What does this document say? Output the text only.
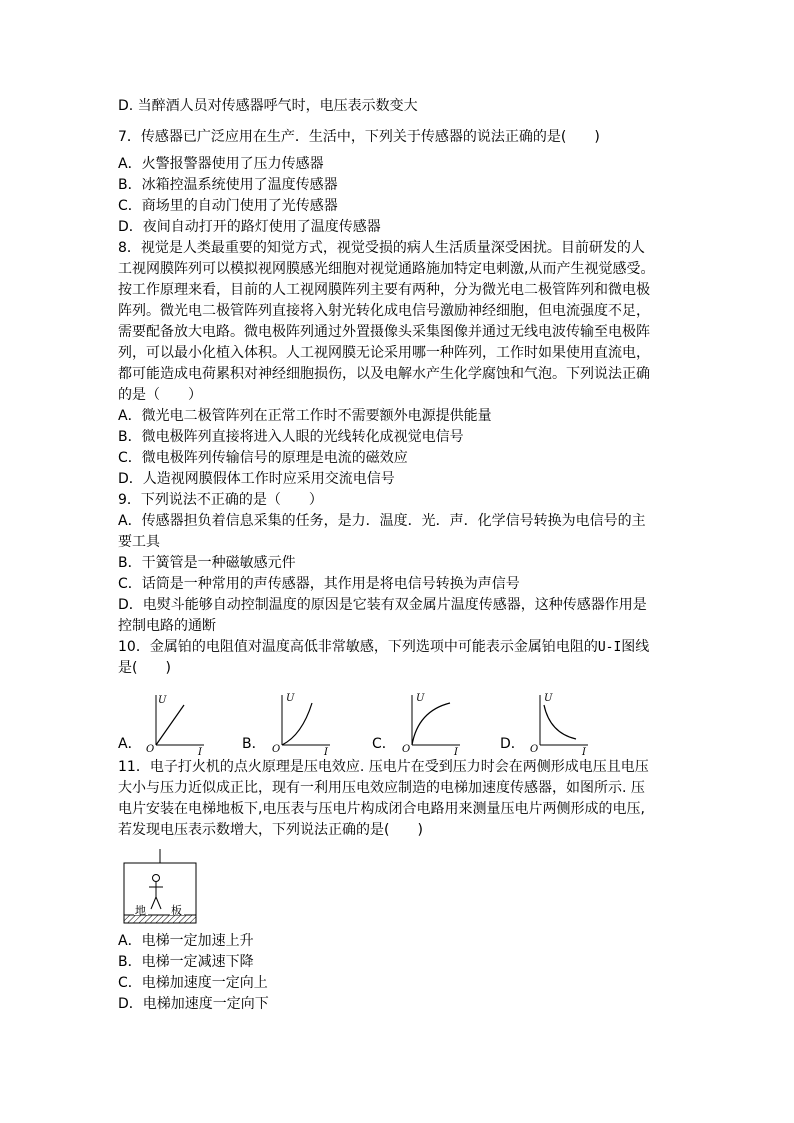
D. 当醉酒人员对传感器呼气时，电压表示数变大
7．传感器已广泛应用在生产．生活中，下列关于传感器的说法正确的是(　　)
A．火警报警器使用了压力传感器
B．冰箱控温系统使用了温度传感器
C．商场里的自动门使用了光传感器
D．夜间自动打开的路灯使用了温度传感器
8．视觉是人类最重要的知觉方式，视觉受损的病人生活质量深受困扰。目前研发的人
工视网膜阵列可以模拟视网膜感光细胞对视觉通路施加特定电刺激,从而产生视觉感受。
按工作原理来看，目前的人工视网膜阵列主要有两种，分为微光电二极管阵列和微电极
阵列。微光电二极管阵列直接将入射光转化成电信号激励神经细胞，但电流强度不足，
需要配备放大电路。微电极阵列通过外置摄像头采集图像并通过无线电波传输至电极阵
列，可以最小化植入体积。人工视网膜无论采用哪一种阵列，工作时如果使用直流电，
都可能造成电荷累积对神经细胞损伤，以及电解水产生化学腐蚀和气泡。下列说法正确
的是（　　）
A．微光电二极管阵列在正常工作时不需要额外电源提供能量
B．微电极阵列直接将进入人眼的光线转化成视觉电信号
C．微电极阵列传输信号的原理是电流的磁效应
D．人造视网膜假体工作时应采用交流电信号
9．下列说法不正确的是（　　）
A．传感器担负着信息采集的任务，是力．温度．光．声．化学信号转换为电信号的主
要工具
B．干簧管是一种磁敏感元件
C．话筒是一种常用的声传感器，其作用是将电信号转换为声信号
D．电熨斗能够自动控制温度的原因是它装有双金属片温度传感器，这种传感器作用是
控制电路的通断
10．金属铂的电阻值对温度高低非常敏感，下列选项中可能表示金属铂电阻的U-I图线
是(　　)
A．
U
I
O	B．
U
I
O	C．
U
I
O	D．
U
I
O
11．电子打火机的点火原理是压电效应. 压电片在受到压力时会在两侧形成电压且电压
大小与压力近似成正比，现有一利用压电效应制造的电梯加速度传感器，如图所示. 压
电片安装在电梯地板下,电压表与压电片构成闭合电路用来测量压电片两侧形成的电压,
若发现电压表示数增大，下列说法正确的是(　　)
地 板
A．电梯一定加速上升
B．电梯一定减速下降
C．电梯加速度一定向上
D．电梯加速度一定向下
